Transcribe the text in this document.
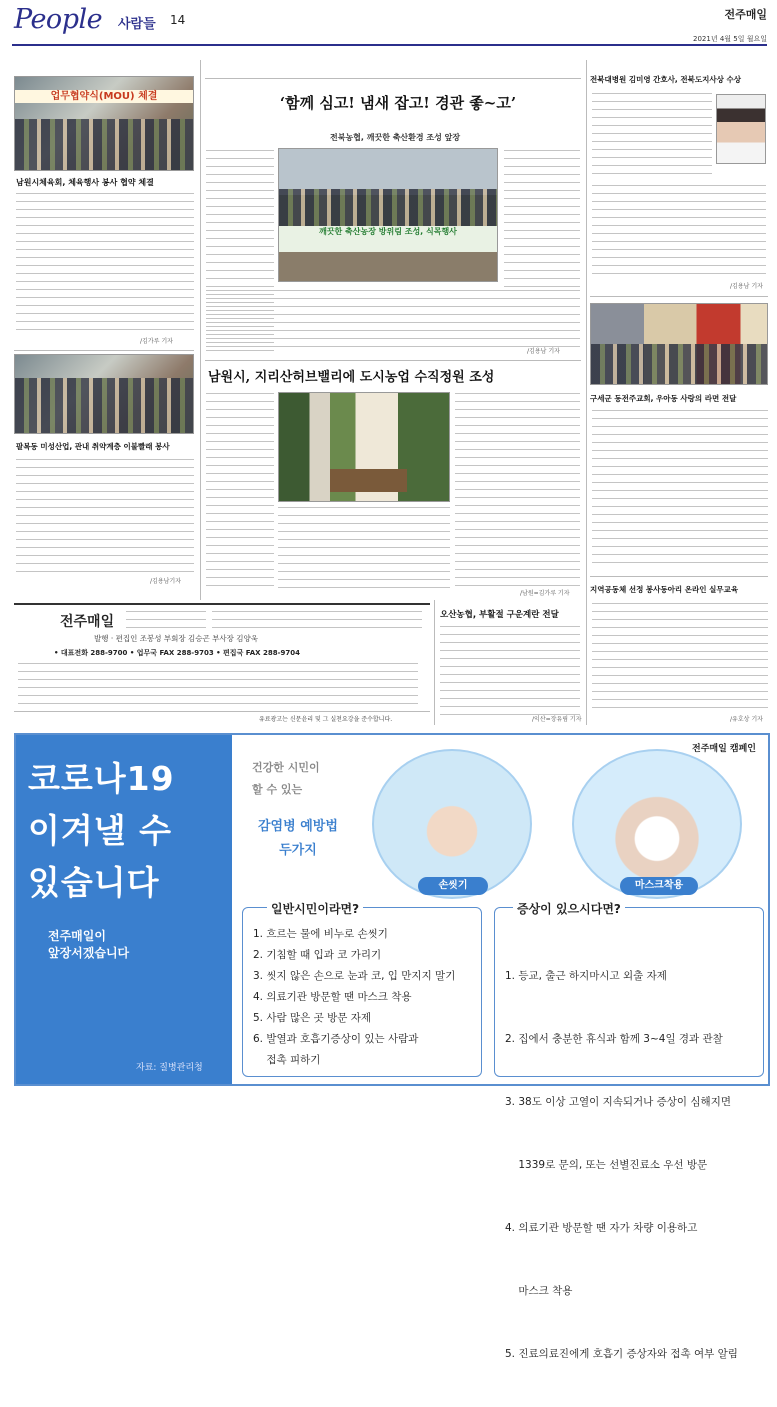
People 사람들 14	전주매일
2021년 4월 5일 월요일
업무협약식(MOU) 체결
남원시체육회, 체육행사 봉사 협약 체결
/김가루 기자
팔복동 미성산업, 관내 취약계층 이불빨래 봉사
/김용남기자
‘함께 심고! 냄새 잡고! 경관 좋~고’
전북농협, 깨끗한 축산환경 조성 앞장
깨끗한 축산농장 방위림 조성, 식목행사
/김용남 기자
남원시, 지리산허브밸리에 도시농업 수직정원 조성
/남원=김가루 기자
전주매일
발행 · 편집인 조봉성 부회장 김승곤 부사장 김양욱
• 대표전화 288-9700 • 업무국 FAX 288-9703 • 편집국 FAX 288-9704
유료광고는 신문윤리 및 그 실천요강을 준수합니다.
오산농협, 부활절 구운계란 전달
/익산=장유림 기자
전북대병원 김미영 간호사, 전북도지사상 수상
/김용남 기자
구세군 동전주교회, 우아동 사랑의 라면 전달
지역공동체 선정 봉사동아리 온라인 실무교육
/유호상 기자
코로나19
이겨낼 수
있습니다
전주매일이
앞장서겠습니다
자료: 질병관리청
전주매일 캠페인
건강한 시민이
할 수 있는
감염병 예방법
두가지
손씻기	마스크착용
일반시민이라면?
1. 흐르는 물에 비누로 손씻기
2. 기침할 때 입과 코 가리기
3. 씻지 않은 손으로 눈과 코, 입 만지지 말기
4. 의료기관 방문할 땐 마스크 착용
5. 사람 많은 곳 방문 자제
6. 발열과 호흡기증상이 있는 사람과
접촉 피하기
증상이 있으시다면?

1. 등교, 출근 하지마시고 외출 자제

2. 집에서 충분한 휴식과 함께 3~4일 경과 관찰

3. 38도 이상 고열이 지속되거나 증상이 심해지면

1339로 문의, 또는 선별진료소 우선 방문

4. 의료기관 방문할 땐 자가 차량 이용하고

마스크 착용

5. 진료의료진에게 호흡기 증상자와 접촉 여부 알림
